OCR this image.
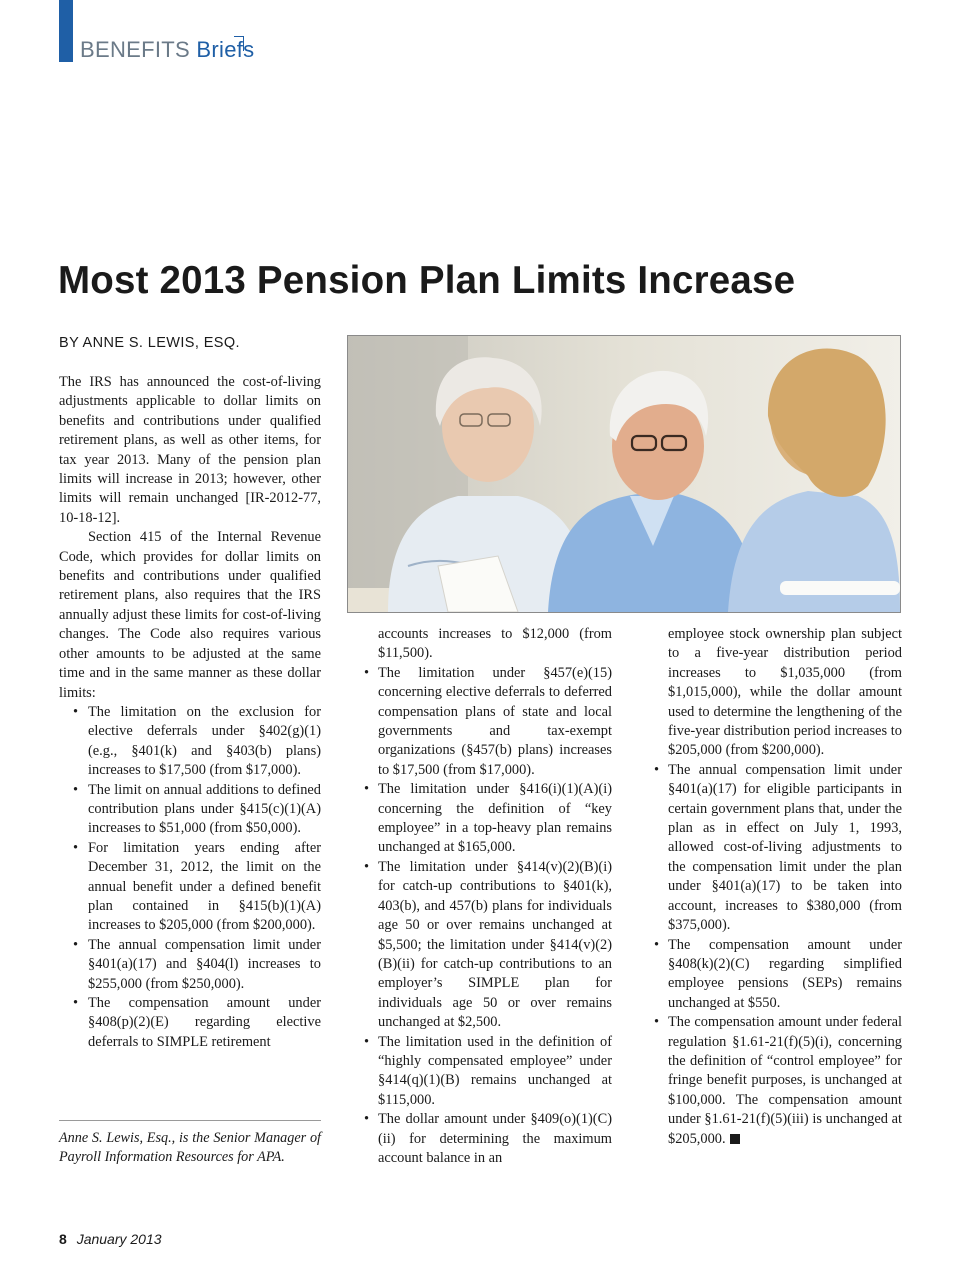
BENEFITS Briefs
Most 2013 Pension Plan Limits Increase
BY ANNE S. LEWIS, ESQ.

The IRS has announced the cost-of-living adjustments applicable to dollar limits on benefits and contributions under qualified retirement plans, as well as other items, for tax year 2013. Many of the pension plan limits will increase in 2013; however, other limits will remain unchanged [IR-2012-77, 10-18-12].

Section 415 of the Internal Revenue Code, which provides for dollar limits on benefits and contributions under qualified retirement plans, also requires that the IRS annually adjust these limits for cost-of-living changes. The Code also requires various other amounts to be adjusted at the same time and in the same manner as these dollar limits:

• The limitation on the exclusion for elective deferrals under §402(g)(1) (e.g., §401(k) and §403(b) plans) increases to $17,500 (from $17,000).
• The limit on annual additions to defined contribution plans under §415(c)(1)(A) increases to $51,000 (from $50,000).
• For limitation years ending after December 31, 2012, the limit on the annual benefit under a defined benefit plan contained in §415(b)(1)(A) increases to $205,000 (from $200,000).
• The annual compensation limit under §401(a)(17) and §404(l) increases to $255,000 (from $250,000).
• The compensation amount under §408(p)(2)(E) regarding elective deferrals to SIMPLE retirement
Anne S. Lewis, Esq., is the Senior Manager of Payroll Information Resources for APA.

accounts increases to $12,000 (from $11,500).

• The limitation under §457(e)(15) concerning elective deferrals to deferred compensation plans of state and local governments and tax-exempt organizations (§457(b) plans) increases to $17,500 (from $17,000).
• The limitation under §416(i)(1)(A)(i) concerning the definition of “key employee” in a top-heavy plan remains unchanged at $165,000.
• The limitation under §414(v)(2)(B)(i) for catch-up contributions to §401(k), 403(b), and 457(b) plans for individuals age 50 or over remains unchanged at $5,500; the limitation under §414(v)(2)(B)(ii) for catch-up contributions to an employer’s SIMPLE plan for individuals age 50 or over remains unchanged at $2,500.
• The limitation used in the definition of “highly compensated employee” under §414(q)(1)(B) remains unchanged at $115,000.
• The dollar amount under §409(o)(1)(C)(ii) for determining the maximum account balance in an

employee stock ownership plan subject to a five-year distribution period increases to $1,035,000 (from $1,015,000), while the dollar amount used to determine the lengthening of the five-year distribution period increases to $205,000 (from $200,000).

• The annual compensation limit under §401(a)(17) for eligible participants in certain government plans that, under the plan as in effect on July 1, 1993, allowed cost-of-living adjustments to the compensation limit under the plan under §401(a)(17) to be taken into account, increases to $380,000 (from $375,000).
• The compensation amount under §408(k)(2)(C) regarding simplified employee pensions (SEPs) remains unchanged at $550.
• The compensation amount under federal regulation §1.61-21(f)(5)(i), concerning the definition of “control employee” for fringe benefit purposes, is unchanged at $100,000. The compensation amount under §1.61-21(f)(5)(iii) is unchanged at $205,000.
8 January 2013
